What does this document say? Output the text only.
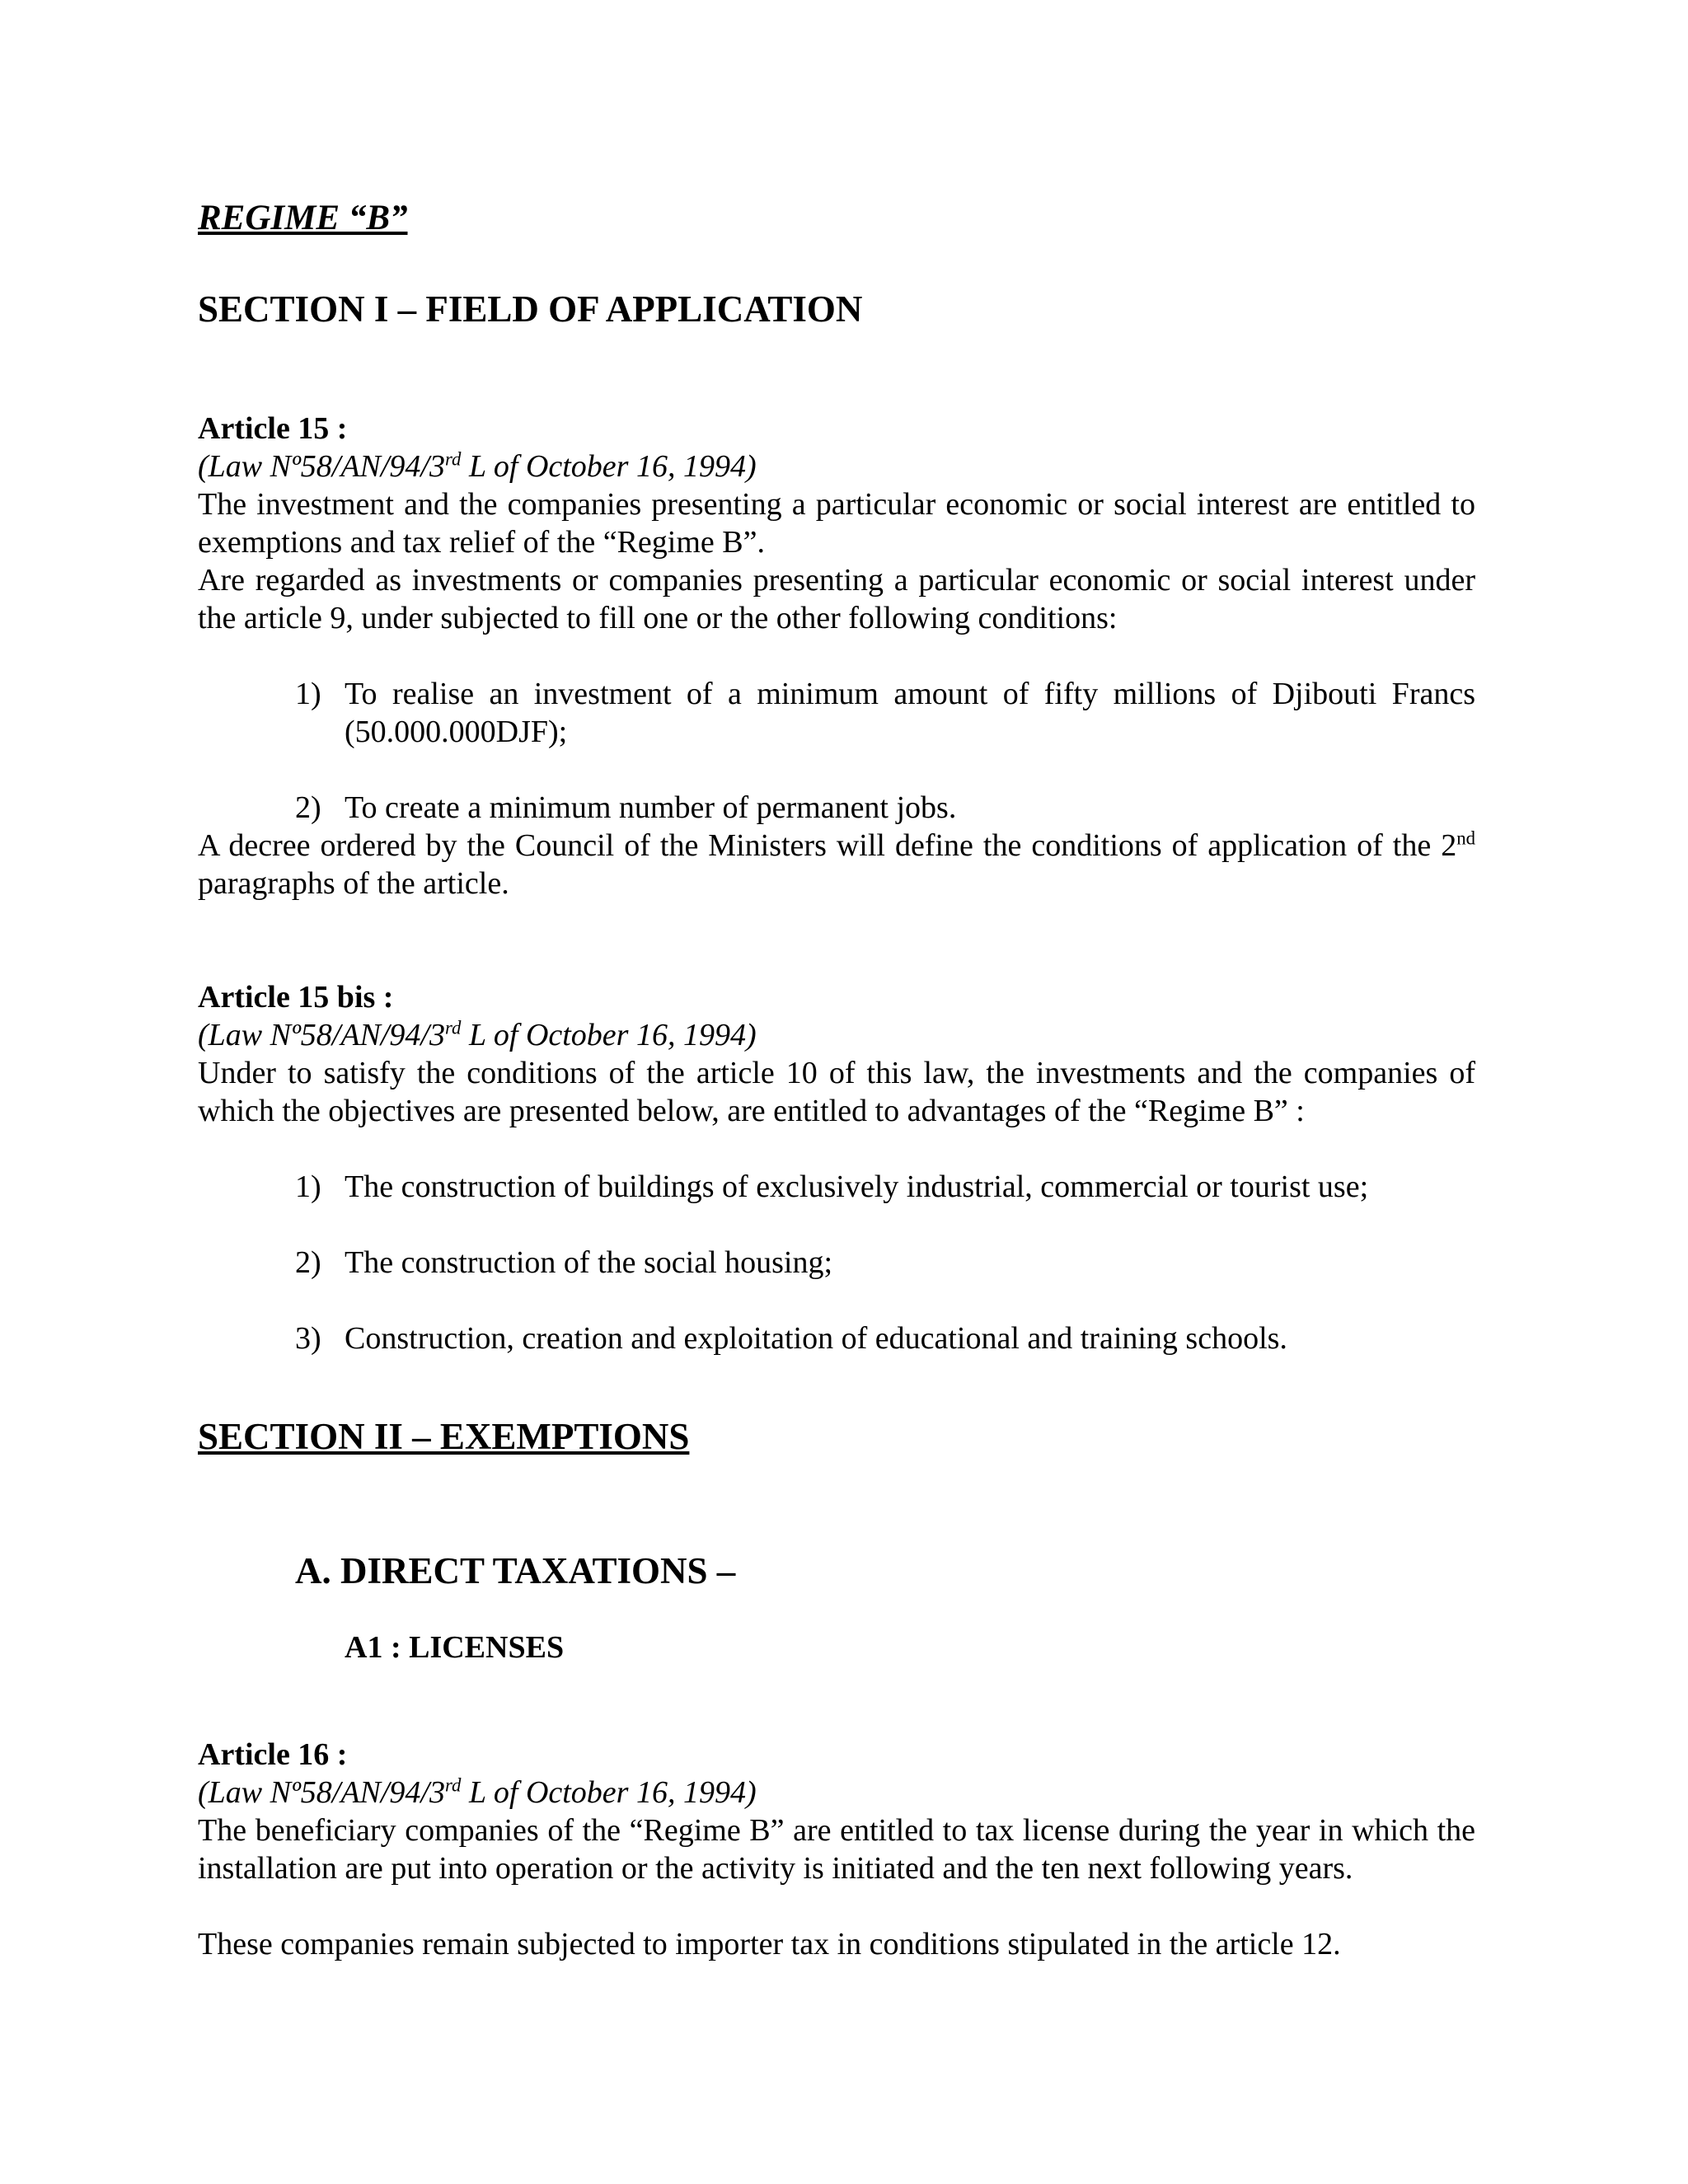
REGIME “B”

SECTION I – FIELD OF APPLICATION

Article 15 :

(Law Nº58/AN/94/3rd L of October 16, 1994)

The investment and the companies presenting a particular economic or social interest are entitled to exemptions and tax relief of the “Regime B”.

Are regarded as investments or companies presenting a particular economic or social interest under the article 9, under subjected to fill one or the other following conditions:

1) To realise an investment of a minimum amount of fifty millions of Djibouti Francs (50.000.000DJF);
2) To create a minimum number of permanent jobs.

A decree ordered by the Council of the Ministers will define the conditions of application of the 2nd paragraphs of the article.

Article 15 bis :

(Law Nº58/AN/94/3rd L of October 16, 1994)

Under to satisfy the conditions of the article 10 of this law, the investments and the companies of which the objectives are presented below, are entitled to advantages of the “Regime B” :

1) The construction of buildings of exclusively industrial, commercial or tourist use;
2) The construction of the social housing;
3) Construction, creation and exploitation of educational and training schools.

SECTION II – EXEMPTIONS

A. DIRECT TAXATIONS –

A1 : LICENSES

Article 16 :

(Law Nº58/AN/94/3rd L of October 16, 1994)

The beneficiary companies of the “Regime B” are entitled to tax license during the year in which the installation are put into operation or the activity is initiated and the ten next following years.

These companies remain subjected to importer tax in conditions stipulated in the article 12.
